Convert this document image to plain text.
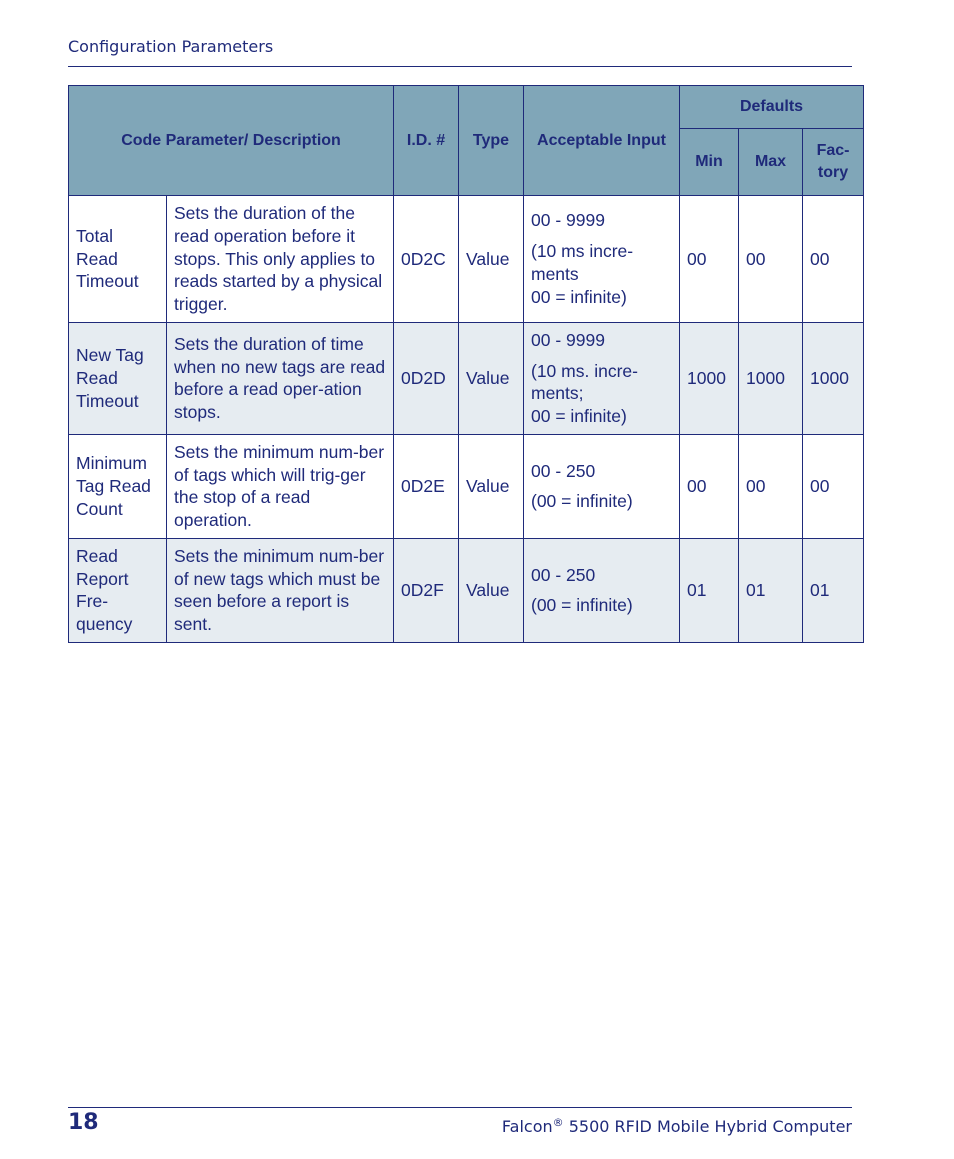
Configuration Parameters
Code Parameter/ Description		I.D. #	Type	Acceptable Input	Defaults		
					Min	Max	Fac-tory
Total Read Timeout	Sets the duration of the read operation before it stops. This only applies to reads started by a physical trigger.	0D2C	Value	00 - 9999

(10 ms incre-ments
00 = infinite)	00	00	00
New Tag Read Timeout	Sets the duration of time when no new tags are read before a read oper-ation stops.	0D2D	Value	00 - 9999

(10 ms. incre-ments;
00 = infinite)	1000	1000	1000
Minimum Tag Read Count	Sets the minimum num-ber of tags which will trig-ger the stop of a read operation.	0D2E	Value	00 - 250

(00 = infinite)	00	00	00
Read Report Fre-quency	Sets the minimum num-ber of new tags which must be seen before a report is sent.	0D2F	Value	00 - 250

(00 = infinite)	01	01	01
18	Falcon® 5500 RFID Mobile Hybrid Computer
